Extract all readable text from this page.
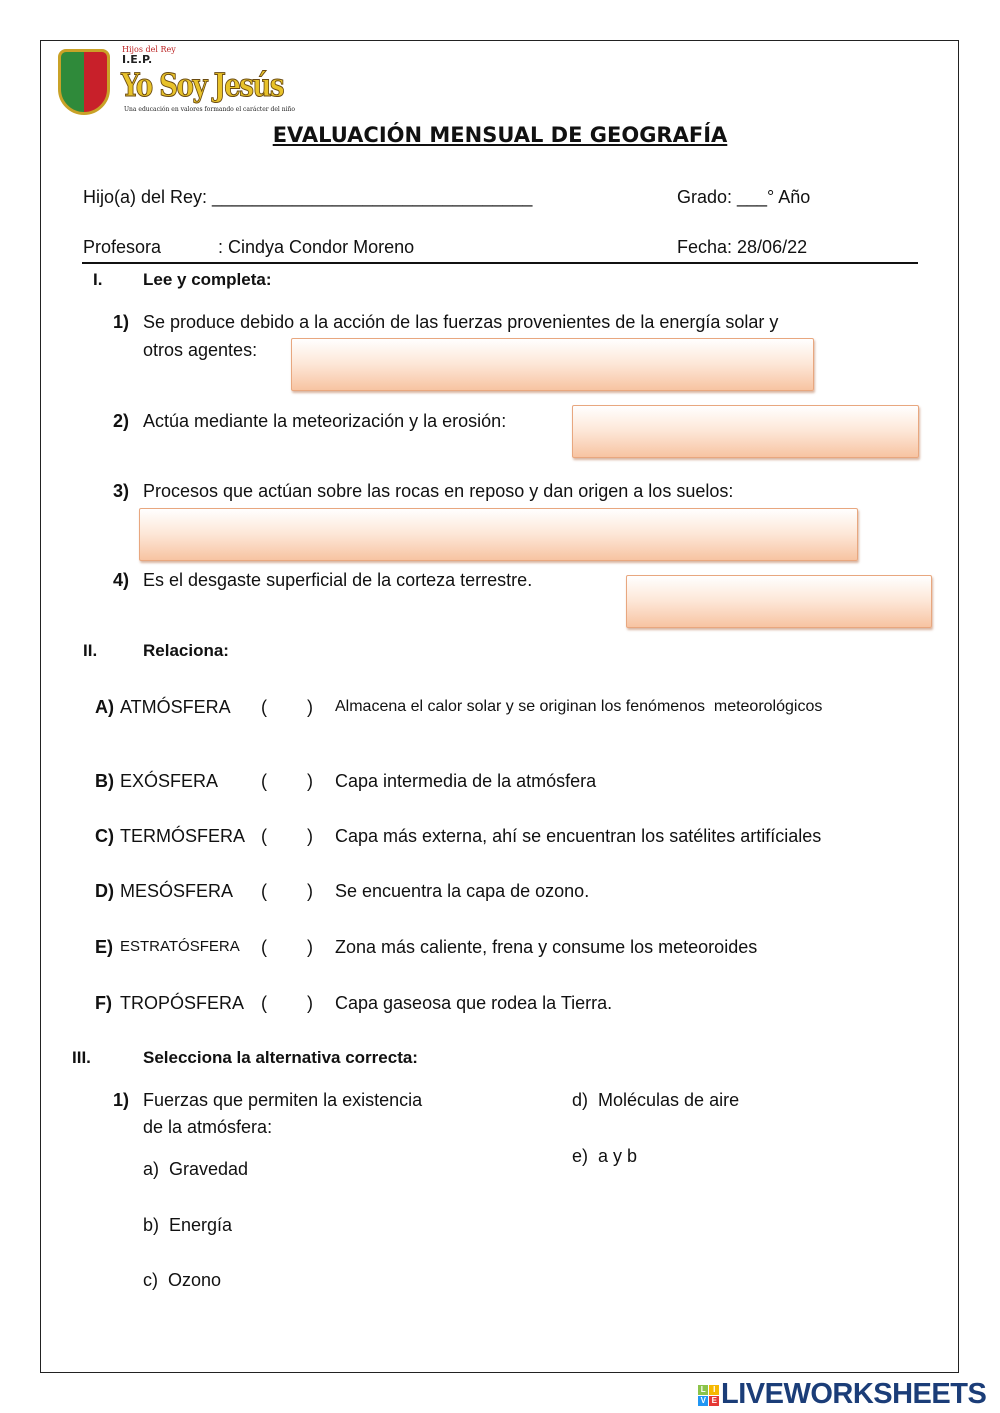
Hijos del Rey
I.E.P.
Yo Soy Jesús
Una educación en valores formando el carácter del niño
EVALUACIÓN MENSUAL DE GEOGRAFÍA
Hijo(a) del Rey: ________________________________	Grado: ___° Año
Profesora	: Cindya Condor Moreno	Fecha: 28/06/22
I. Lee y completa:
1) Se produce debido a la acción de las fuerzas provenientes de la energía solar y
otros agentes:
2) Actúa mediante la meteorización y la erosión:
3) Procesos que actúan sobre las rocas en reposo y dan origen a los suelos:
4) Es el desgaste superficial de la corteza terrestre.
II.	Relaciona:
A) ATMÓSFERA (        ) Almacena el calor solar y se originan los fenómenos  meteorológicos
B) EXÓSFERA (        ) Capa intermedia de la atmósfera
C) TERMÓSFERA (        ) Capa más externa, ahí se encuentran los satélites artifíciales
D) MESÓSFERA (        ) Se encuentra la capa de ozono.
E) ESTRATÓSFERA (        ) Zona más caliente, frena y consume los meteoroides
F) TROPÓSFERA (        ) Capa gaseosa que rodea la Tierra.
III.	Selecciona la alternativa correcta:
1) Fuerzas que permiten la existencia
de la atmósfera:
a)  Gravedad
b)  Energía
c)  Ozono
d)  Moléculas de aire
e)  a y b
L I
V E LIVEWORKSHEETS
